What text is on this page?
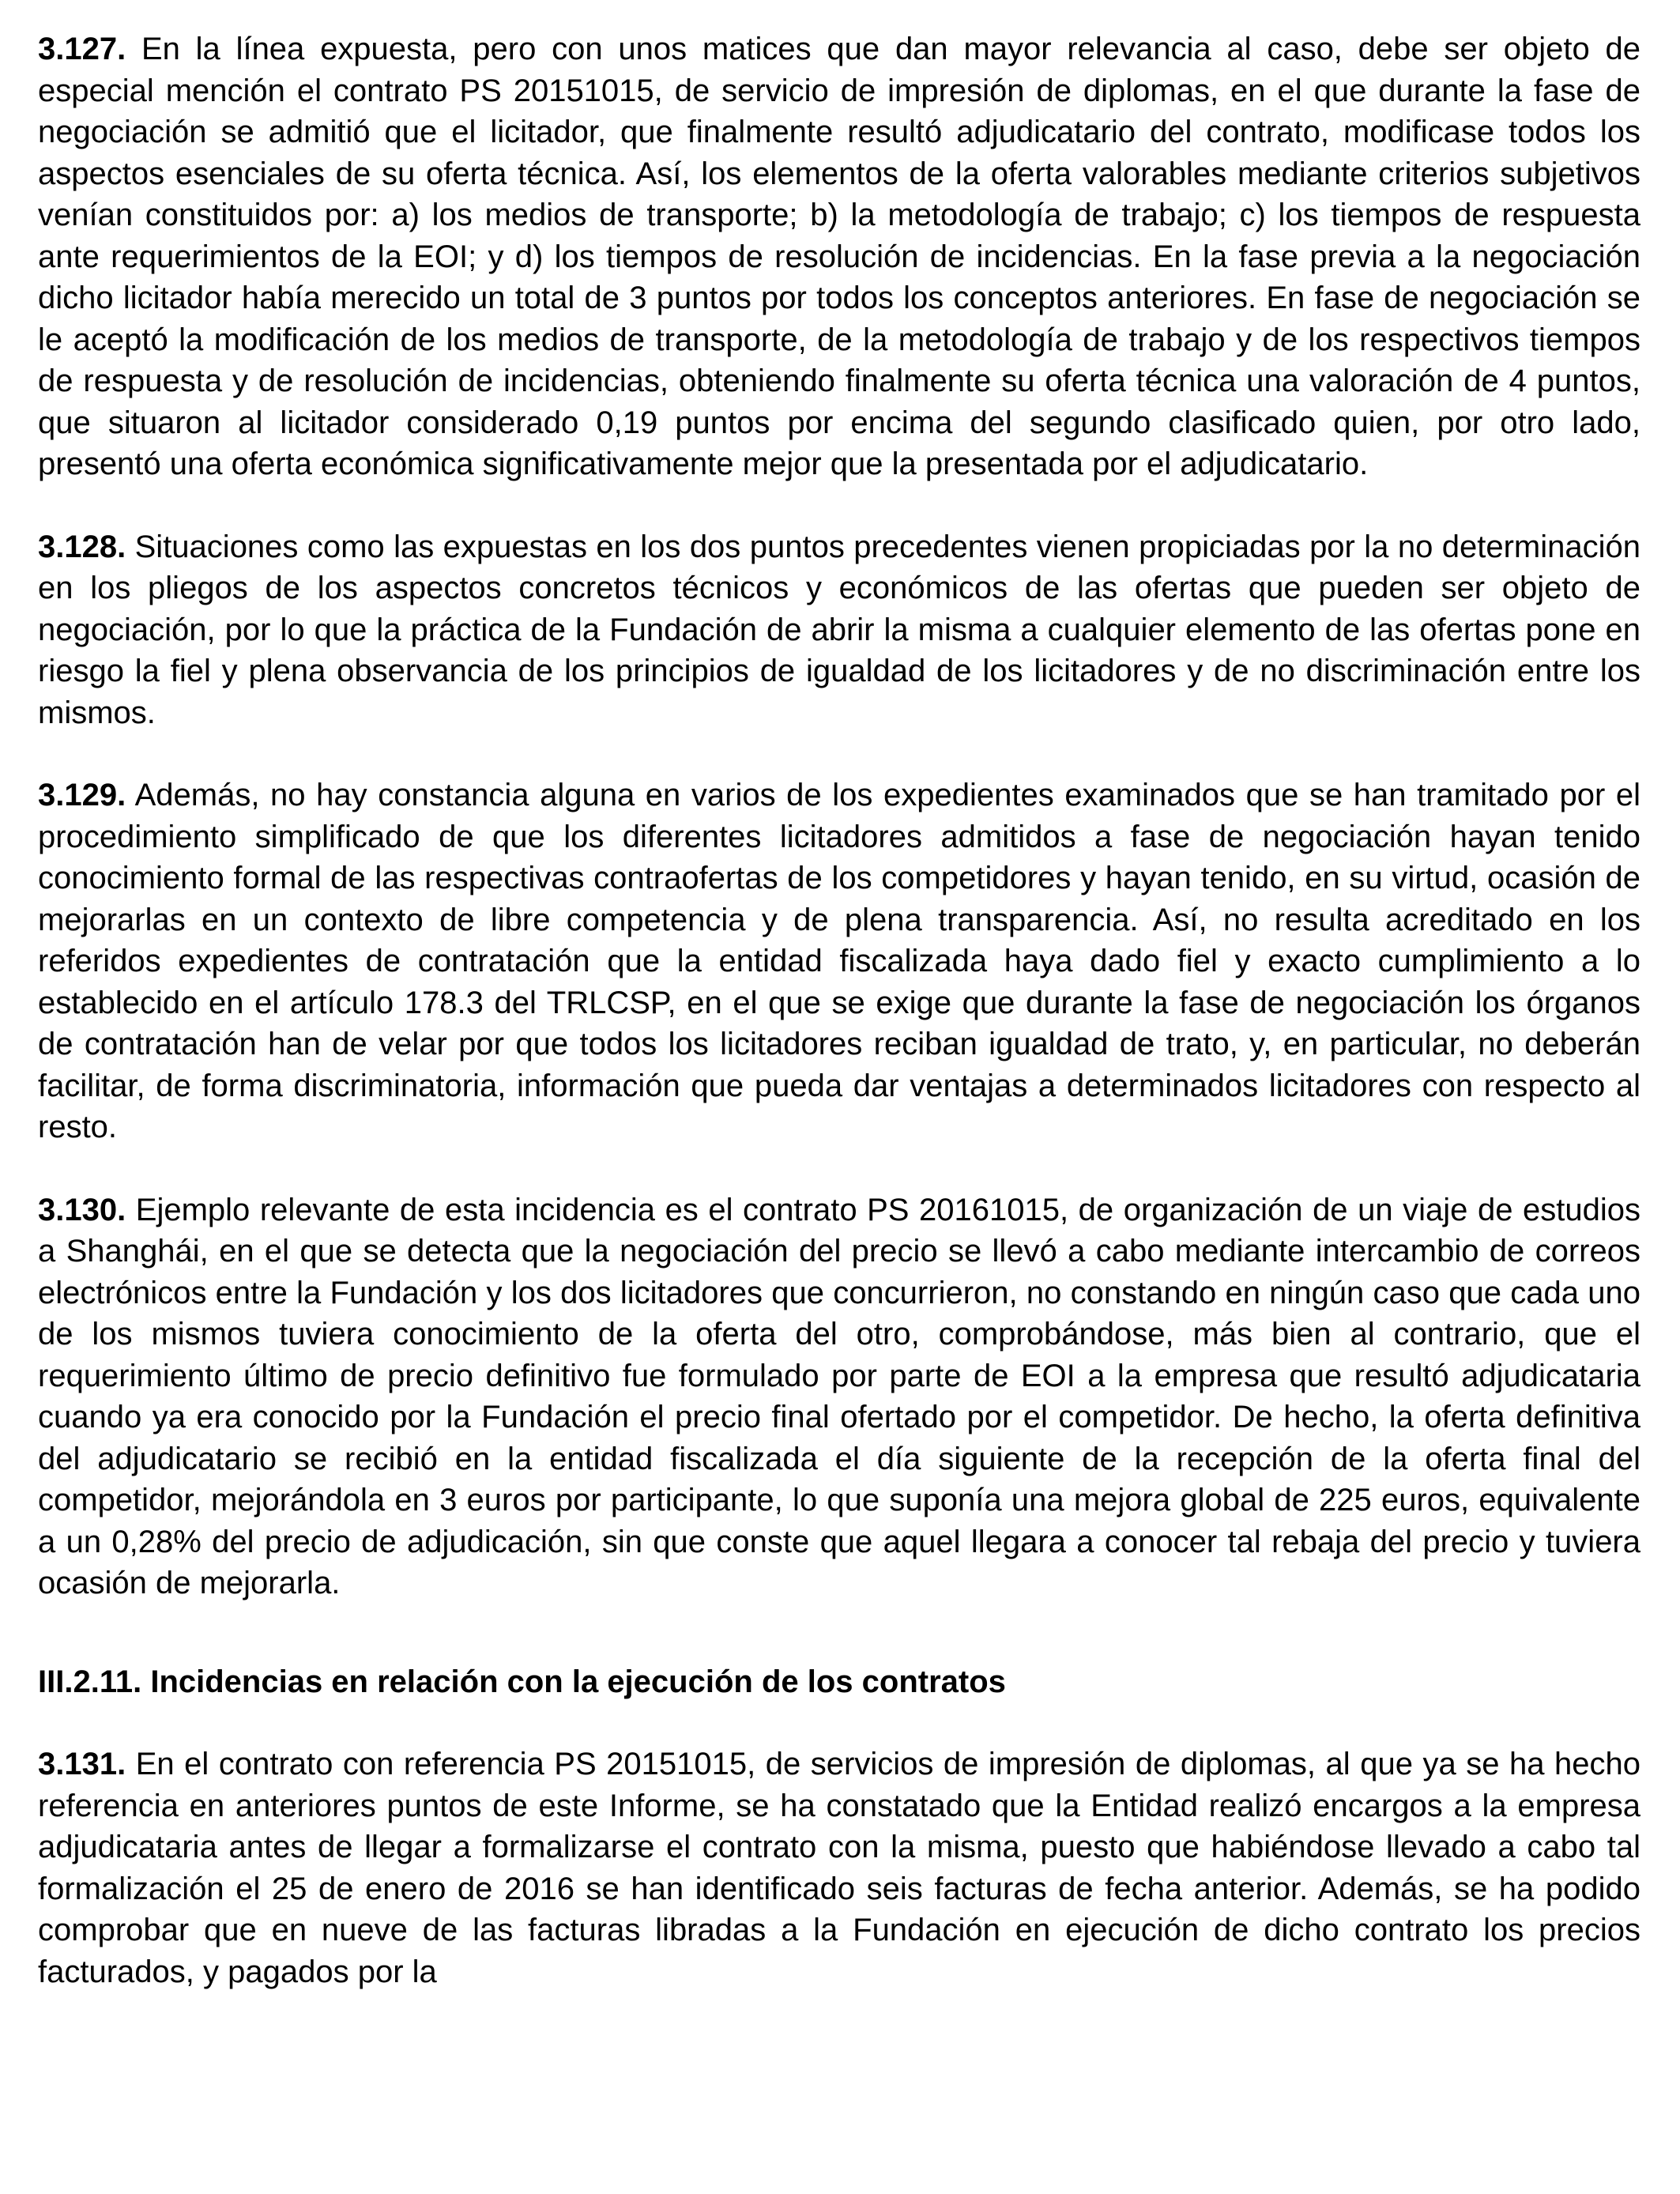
3.127. En la línea expuesta, pero con unos matices que dan mayor relevancia al caso, debe ser objeto de especial mención el contrato PS 20151015, de servicio de impresión de diplomas, en el que durante la fase de negociación se admitió que el licitador, que finalmente resultó adjudicatario del contrato, modificase todos los aspectos esenciales de su oferta técnica. Así, los elementos de la oferta valorables mediante criterios subjetivos venían constituidos por: a) los medios de transporte; b) la metodología de trabajo; c) los tiempos de respuesta ante requerimientos de la EOI; y d) los tiempos de resolución de incidencias. En la fase previa a la negociación dicho licitador había merecido un total de 3 puntos por todos los conceptos anteriores. En fase de negociación se le aceptó la modificación de los medios de transporte, de la metodología de trabajo y de los respectivos tiempos de respuesta y de resolución de incidencias, obteniendo finalmente su oferta técnica una valoración de 4 puntos, que situaron al licitador considerado 0,19 puntos por encima del segundo clasificado quien, por otro lado, presentó una oferta económica significativamente mejor que la presentada por el adjudicatario.

3.128. Situaciones como las expuestas en los dos puntos precedentes vienen propiciadas por la no determinación en los pliegos de los aspectos concretos técnicos y económicos de las ofertas que pueden ser objeto de negociación, por lo que la práctica de la Fundación de abrir la misma a cualquier elemento de las ofertas pone en riesgo la fiel y plena observancia de los principios de igualdad de los licitadores y de no discriminación entre los mismos.

3.129. Además, no hay constancia alguna en varios de los expedientes examinados que se han tramitado por el procedimiento simplificado de que los diferentes licitadores admitidos a fase de negociación hayan tenido conocimiento formal de las respectivas contraofertas de los competidores y hayan tenido, en su virtud, ocasión de mejorarlas en un contexto de libre competencia y de plena transparencia. Así, no resulta acreditado en los referidos expedientes de contratación que la entidad fiscalizada haya dado fiel y exacto cumplimiento a lo establecido en el artículo 178.3 del TRLCSP, en el que se exige que durante la fase de negociación los órganos de contratación han de velar por que todos los licitadores reciban igualdad de trato, y, en particular, no deberán facilitar, de forma discriminatoria, información que pueda dar ventajas a determinados licitadores con respecto al resto.

3.130. Ejemplo relevante de esta incidencia es el contrato PS 20161015, de organización de un viaje de estudios a Shanghái, en el que se detecta que la negociación del precio se llevó a cabo mediante intercambio de correos electrónicos entre la Fundación y los dos licitadores que concurrieron, no constando en ningún caso que cada uno de los mismos tuviera conocimiento de la oferta del otro, comprobándose, más bien al contrario, que el requerimiento último de precio definitivo fue formulado por parte de EOI a la empresa que resultó adjudicataria cuando ya era conocido por la Fundación el precio final ofertado por el competidor. De hecho, la oferta definitiva del adjudicatario se recibió en la entidad fiscalizada el día siguiente de la recepción de la oferta final del competidor, mejorándola en 3 euros por participante, lo que suponía una mejora global de 225 euros, equivalente a un 0,28% del precio de adjudicación, sin que conste que aquel llegara a conocer tal rebaja del precio y tuviera ocasión de mejorarla.

III.2.11. Incidencias en relación con la ejecución de los contratos

3.131. En el contrato con referencia PS 20151015, de servicios de impresión de diplomas, al que ya se ha hecho referencia en anteriores puntos de este Informe, se ha constatado que la Entidad realizó encargos a la empresa adjudicataria antes de llegar a formalizarse el contrato con la misma, puesto que habiéndose llevado a cabo tal formalización el 25 de enero de 2016 se han identificado seis facturas de fecha anterior. Además, se ha podido comprobar que en nueve de las facturas libradas a la Fundación en ejecución de dicho contrato los precios facturados, y pagados por la
